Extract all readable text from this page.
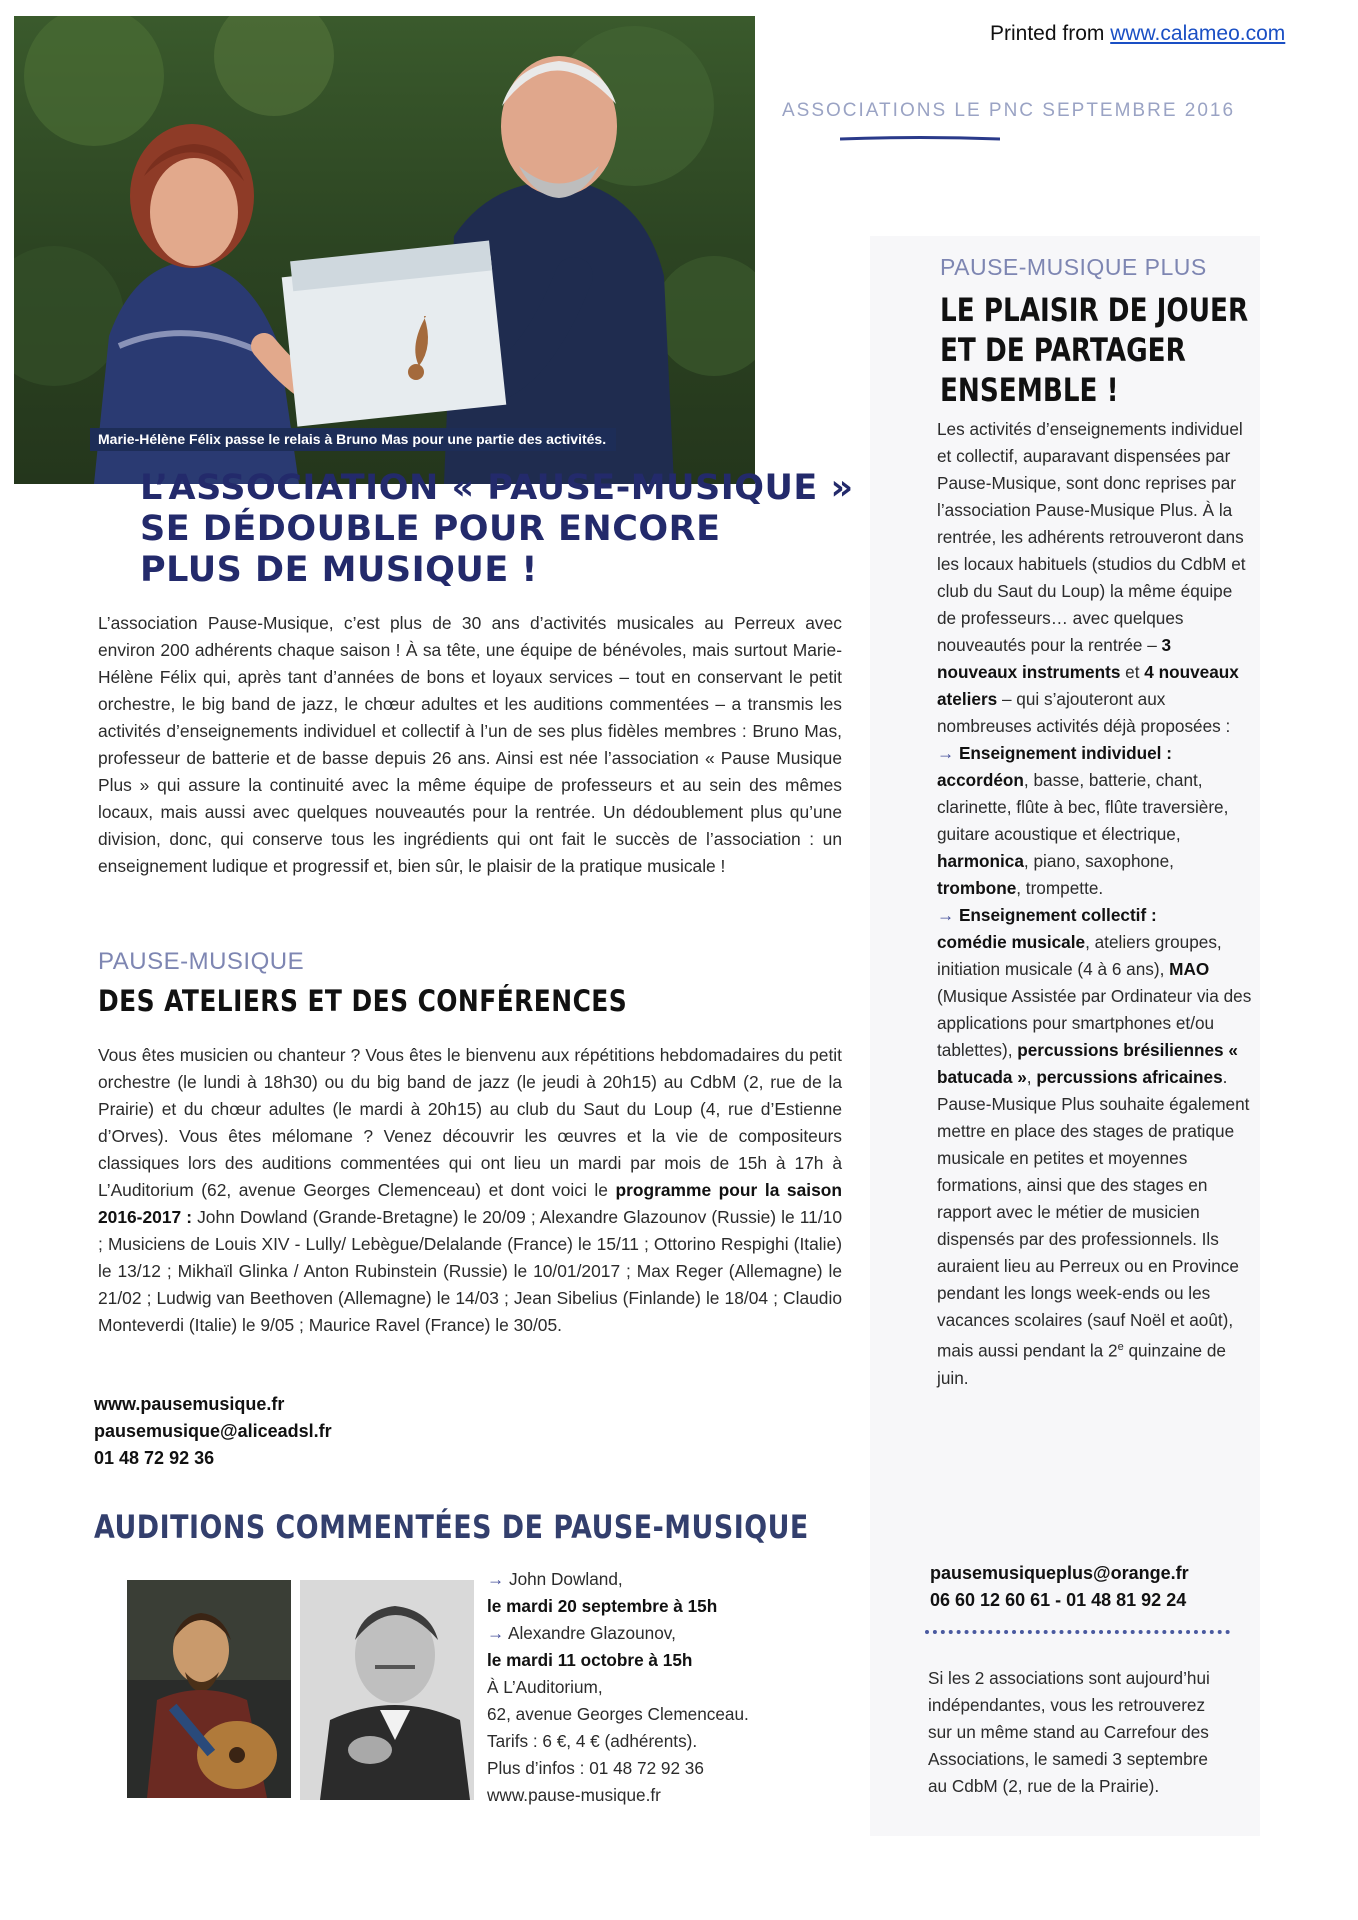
Printed from www.calameo.com
ASSOCIATIONS LE PNC SEPTEMBRE 2016
Marie-Hélène Félix passe le relais à Bruno Mas pour une partie des activités.
L’ASSOCIATION « PAUSE-MUSIQUE »
SE DÉDOUBLE POUR ENCORE
PLUS DE MUSIQUE !
L’association Pause-Musique, c’est plus de 30 ans d’activités musicales au Perreux avec environ 200 adhérents chaque saison ! À sa tête, une équipe de bénévoles, mais surtout Marie-Hélène Félix qui, après tant d’années de bons et loyaux services – tout en conservant le petit orchestre, le big band de jazz, le chœur adultes et les auditions commentées – a transmis les activités d’enseignements individuel et collectif à l’un de ses plus fidèles membres : Bruno Mas, professeur de batterie et de basse depuis 26 ans. Ainsi est née l’association « Pause Musique Plus » qui assure la continuité avec la même équipe de professeurs et au sein des mêmes locaux, mais aussi avec quelques nouveautés pour la rentrée. Un dédoublement plus qu’une division, donc, qui conserve tous les ingrédients qui ont fait le succès de l’association : un enseignement ludique et progressif et, bien sûr, le plaisir de la pratique musicale !
PAUSE-MUSIQUE
DES ATELIERS ET DES CONFÉRENCES
Vous êtes musicien ou chanteur ? Vous êtes le bienvenu aux répétitions hebdomadaires du petit orchestre (le lundi à 18h30) ou du big band de jazz (le jeudi à 20h15) au CdbM (2, rue de la Prairie) et du chœur adultes (le mardi à 20h15) au club du Saut du Loup (4, rue d’Estienne d’Orves). Vous êtes mélomane ? Venez découvrir les œuvres et la vie de compositeurs classiques lors des auditions commentées qui ont lieu un mardi par mois de 15h à 17h à L’Auditorium (62, avenue Georges Clemenceau) et dont voici le programme pour la saison 2016-2017 : John Dowland (Grande-Bretagne) le 20/09 ; Alexandre Glazounov (Russie) le 11/10 ; Musiciens de Louis XIV - Lully/ Lebègue/Delalande (France) le 15/11 ; Ottorino Respighi (Italie) le 13/12 ; Mikhaïl Glinka / Anton Rubinstein (Russie) le 10/01/2017 ; Max Reger (Allemagne) le 21/02 ; Ludwig van Beethoven (Allemagne) le 14/03 ; Jean Sibelius (Finlande) le 18/04 ; Claudio Monteverdi (Italie) le 9/05 ; Maurice Ravel (France) le 30/05.
www.pausemusique.fr
pausemusique@aliceadsl.fr
01 48 72 92 36
AUDITIONS COMMENTÉES DE PAUSE-MUSIQUE
→ John Dowland,
le mardi 20 septembre à 15h
→ Alexandre Glazounov,
le mardi 11 octobre à 15h
À L’Auditorium,
62, avenue Georges Clemenceau.
Tarifs : 6 €, 4 € (adhérents).
Plus d’infos : 01 48 72 92 36
www.pause-musique.fr
PAUSE-MUSIQUE PLUS
LE PLAISIR DE JOUER
ET DE PARTAGER
ENSEMBLE !
Les activités d’enseignements individuel et collectif, auparavant dispensées par Pause-Musique, sont donc reprises par l’association Pause-Musique Plus. À la rentrée, les adhérents retrouveront dans les locaux habituels (studios du CdbM et club du Saut du Loup) la même équipe de professeurs… avec quelques nouveautés pour la rentrée – 3 nouveaux instruments et 4 nouveaux ateliers – qui s’ajouteront aux nombreuses activités déjà proposées :
→ Enseignement individuel :
accordéon, basse, batterie, chant, clarinette, flûte à bec, flûte traversière, guitare acoustique et électrique, harmonica, piano, saxophone, trombone, trompette.
→ Enseignement collectif :
comédie musicale, ateliers groupes, initiation musicale (4 à 6 ans), MAO (Musique Assistée par Ordinateur via des applications pour smartphones et/ou tablettes), percussions brésiliennes « batucada », percussions africaines.
Pause-Musique Plus souhaite également mettre en place des stages de pratique musicale en petites et moyennes formations, ainsi que des stages en rapport avec le métier de musicien dispensés par des professionnels. Ils auraient lieu au Perreux ou en Province pendant les longs week-ends ou les vacances scolaires (sauf Noël et août), mais aussi pendant la 2e quinzaine de juin.
pausemusiqueplus@orange.fr
06 60 12 60 61 - 01 48 81 92 24
Si les 2 associations sont aujourd’hui indépendantes, vous les retrouverez sur un même stand au Carrefour des Associations, le samedi 3 septembre au CdbM (2, rue de la Prairie).
